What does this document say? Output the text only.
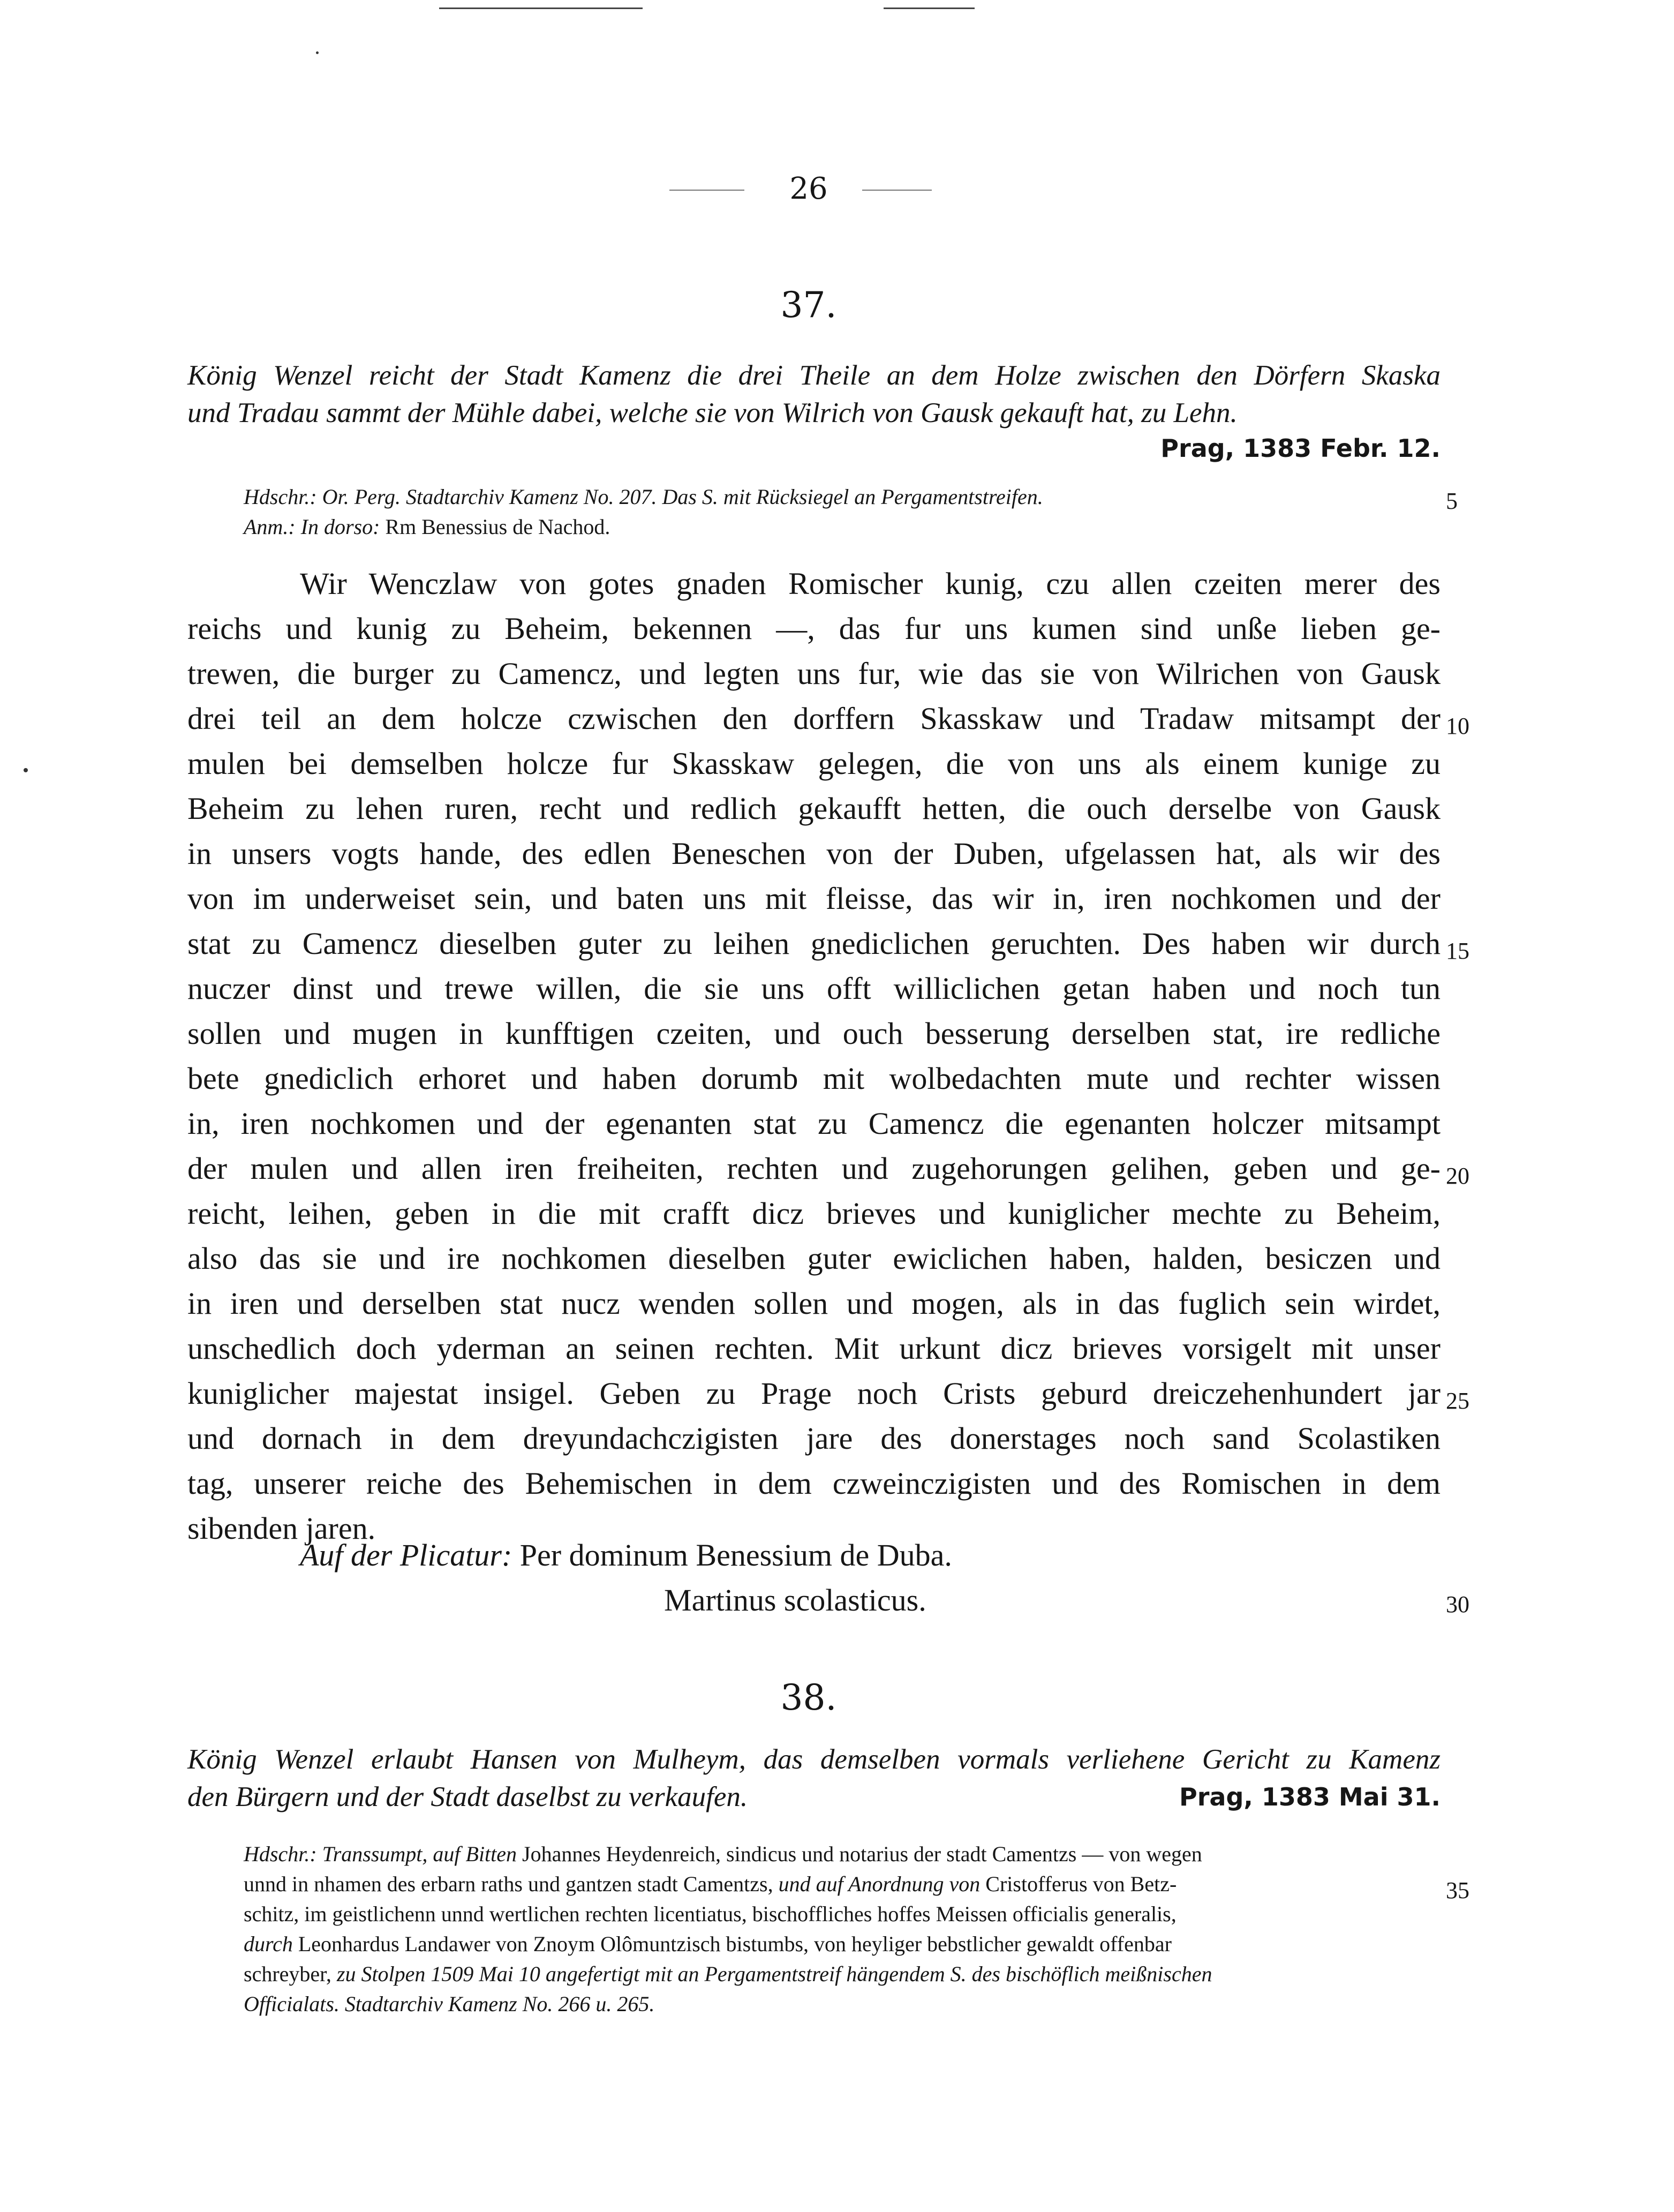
26
37.
König Wenzel reicht der Stadt Kamenz die drei Theile an dem Holze zwischen den Dörfern Skaska
und Tradau sammt der Mühle dabei, welche sie von Wilrich von Gausk gekauft hat, zu Lehn.
Prag, 1383 Febr. 12.
Hdschr.: Or. Perg. Stadtarchiv Kamenz No. 207. Das S. mit Rücksiegel an Pergamentstreifen.
Anm.: In dorso: Rm Benessius de Nachod.
Wir Wenczlaw von gotes gnaden Romischer kunig, czu allen czeiten merer des
reichs und kunig zu Beheim, bekennen —, das fur uns kumen sind unße lieben ge-
trewen, die burger zu Camencz, und legten uns fur, wie das sie von Wilrichen von Gausk
drei teil an dem holcze czwischen den dorffern Skasskaw und Tradaw mitsampt der
mulen bei demselben holcze fur Skasskaw gelegen, die von uns als einem kunige zu
Beheim zu lehen ruren, recht und redlich gekaufft hetten, die ouch derselbe von Gausk
in unsers vogts hande, des edlen Beneschen von der Duben, ufgelassen hat, als wir des
von im underweiset sein, und baten uns mit fleisse, das wir in, iren nochkomen und der
stat zu Camencz dieselben guter zu leihen gnediclichen geruchten. Des haben wir durch
nuczer dinst und trewe willen, die sie uns offt williclichen getan haben und noch tun
sollen und mugen in kunfftigen czeiten, und ouch besserung derselben stat, ire redliche
bete gnediclich erhoret und haben dorumb mit wolbedachten mute und rechter wissen
in, iren nochkomen und der egenanten stat zu Camencz die egenanten holczer mitsampt
der mulen und allen iren freiheiten, rechten und zugehorungen gelihen, geben und ge-
reicht, leihen, geben in die mit crafft dicz brieves und kuniglicher mechte zu Beheim,
also das sie und ire nochkomen dieselben guter ewiclichen haben, halden, besiczen und
in iren und derselben stat nucz wenden sollen und mogen, als in das fuglich sein wirdet,
unschedlich doch yderman an seinen rechten. Mit urkunt dicz brieves vorsigelt mit unser
kuniglicher majestat insigel. Geben zu Prage noch Crists geburd dreiczehenhundert jar
und dornach in dem dreyundachczigisten jare des donerstages noch sand Scolastiken
tag, unserer reiche des Behemischen in dem czweinczigisten und des Romischen in dem
sibenden jaren.
Auf der Plicatur: Per dominum Benessium de Duba.
Martinus scolasticus.
5
10
15
20
25
30
38.
König Wenzel erlaubt Hansen von Mulheym, das demselben vormals verliehene Gericht zu Kamenz
den Bürgern und der Stadt daselbst zu verkaufen.	Prag, 1383 Mai 31.
Hdschr.: Transsumpt, auf Bitten Johannes Heydenreich, sindicus und notarius der stadt Camentzs — von wegen
unnd in nhamen des erbarn raths und gantzen stadt Camentzs, und auf Anordnung von Cristofferus von Betz-
schitz, im geistlichenn unnd wertlichen rechten licentiatus, bischoffliches hoffes Meissen officialis generalis,
durch Leonhardus Landawer von Znoym Olômuntzisch bistumbs, von heyliger bebstlicher gewaldt offenbar
schreyber, zu Stolpen 1509 Mai 10 angefertigt mit an Pergamentstreif hängendem S. des bischöflich meißnischen
Officialats. Stadtarchiv Kamenz No. 266 u. 265.
35
